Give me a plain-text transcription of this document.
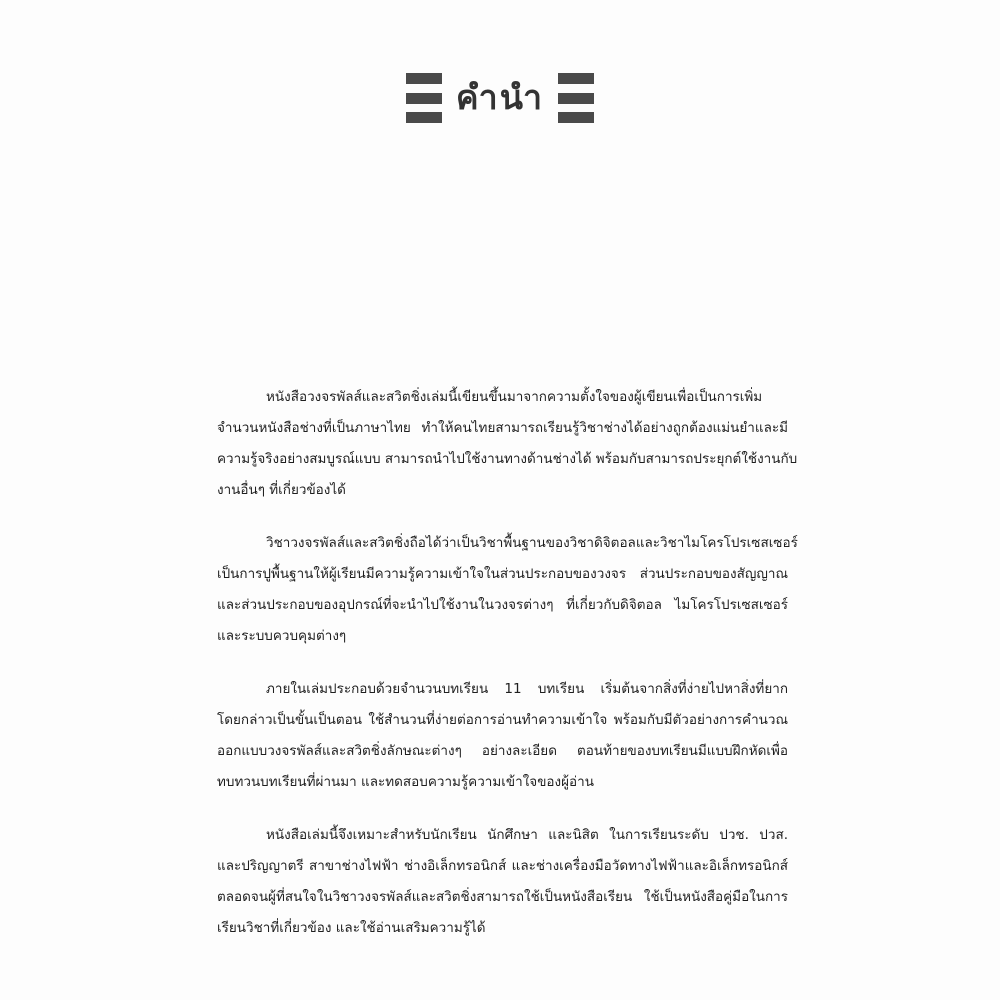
คำนำ

หนังสือวงจรพัลส์และสวิตชิ่งเล่มนี้เขียนขึ้นมาจากความตั้งใจของผู้เขียนเพื่อเป็นการเพิ่ม
จำนวนหนังสือช่างที่เป็นภาษาไทย ทำให้คนไทยสามารถเรียนรู้วิชาช่างได้อย่างถูกต้องแม่นยำและมี
ความรู้จริงอย่างสมบูรณ์แบบ สามารถนำไปใช้งานทางด้านช่างได้ พร้อมกับสามารถประยุกต์ใช้งานกับ
งานอื่นๆ ที่เกี่ยวข้องได้

วิชาวงจรพัลส์และสวิตชิ่งถือได้ว่าเป็นวิชาพื้นฐานของวิชาดิจิตอลและวิชาไมโครโปรเซสเซอร์
เป็นการปูพื้นฐานให้ผู้เรียนมีความรู้ความเข้าใจในส่วนประกอบของวงจร ส่วนประกอบของสัญญาณ
และส่วนประกอบของอุปกรณ์ที่จะนำไปใช้งานในวงจรต่างๆ ที่เกี่ยวกับดิจิตอล ไมโครโปรเซสเซอร์
และระบบควบคุมต่างๆ

ภายในเล่มประกอบด้วยจำนวนบทเรียน 11 บทเรียน เริ่มต้นจากสิ่งที่ง่ายไปหาสิ่งที่ยาก
โดยกล่าวเป็นขั้นเป็นตอน ใช้สำนวนที่ง่ายต่อการอ่านทำความเข้าใจ พร้อมกับมีตัวอย่างการคำนวณ
ออกแบบวงจรพัลส์และสวิตชิ่งลักษณะต่างๆ อย่างละเอียด ตอนท้ายของบทเรียนมีแบบฝึกหัดเพื่อ
ทบทวนบทเรียนที่ผ่านมา และทดสอบความรู้ความเข้าใจของผู้อ่าน

หนังสือเล่มนี้จึงเหมาะสำหรับนักเรียน นักศึกษา และนิสิต ในการเรียนระดับ ปวช. ปวส.
และปริญญาตรี สาขาช่างไฟฟ้า ช่างอิเล็กทรอนิกส์ และช่างเครื่องมือวัดทางไฟฟ้าและอิเล็กทรอนิกส์
ตลอดจนผู้ที่สนใจในวิชาวงจรพัลส์และสวิตชิ่งสามารถใช้เป็นหนังสือเรียน ใช้เป็นหนังสือคู่มือในการ
เรียนวิชาที่เกี่ยวข้อง และใช้อ่านเสริมความรู้ได้
